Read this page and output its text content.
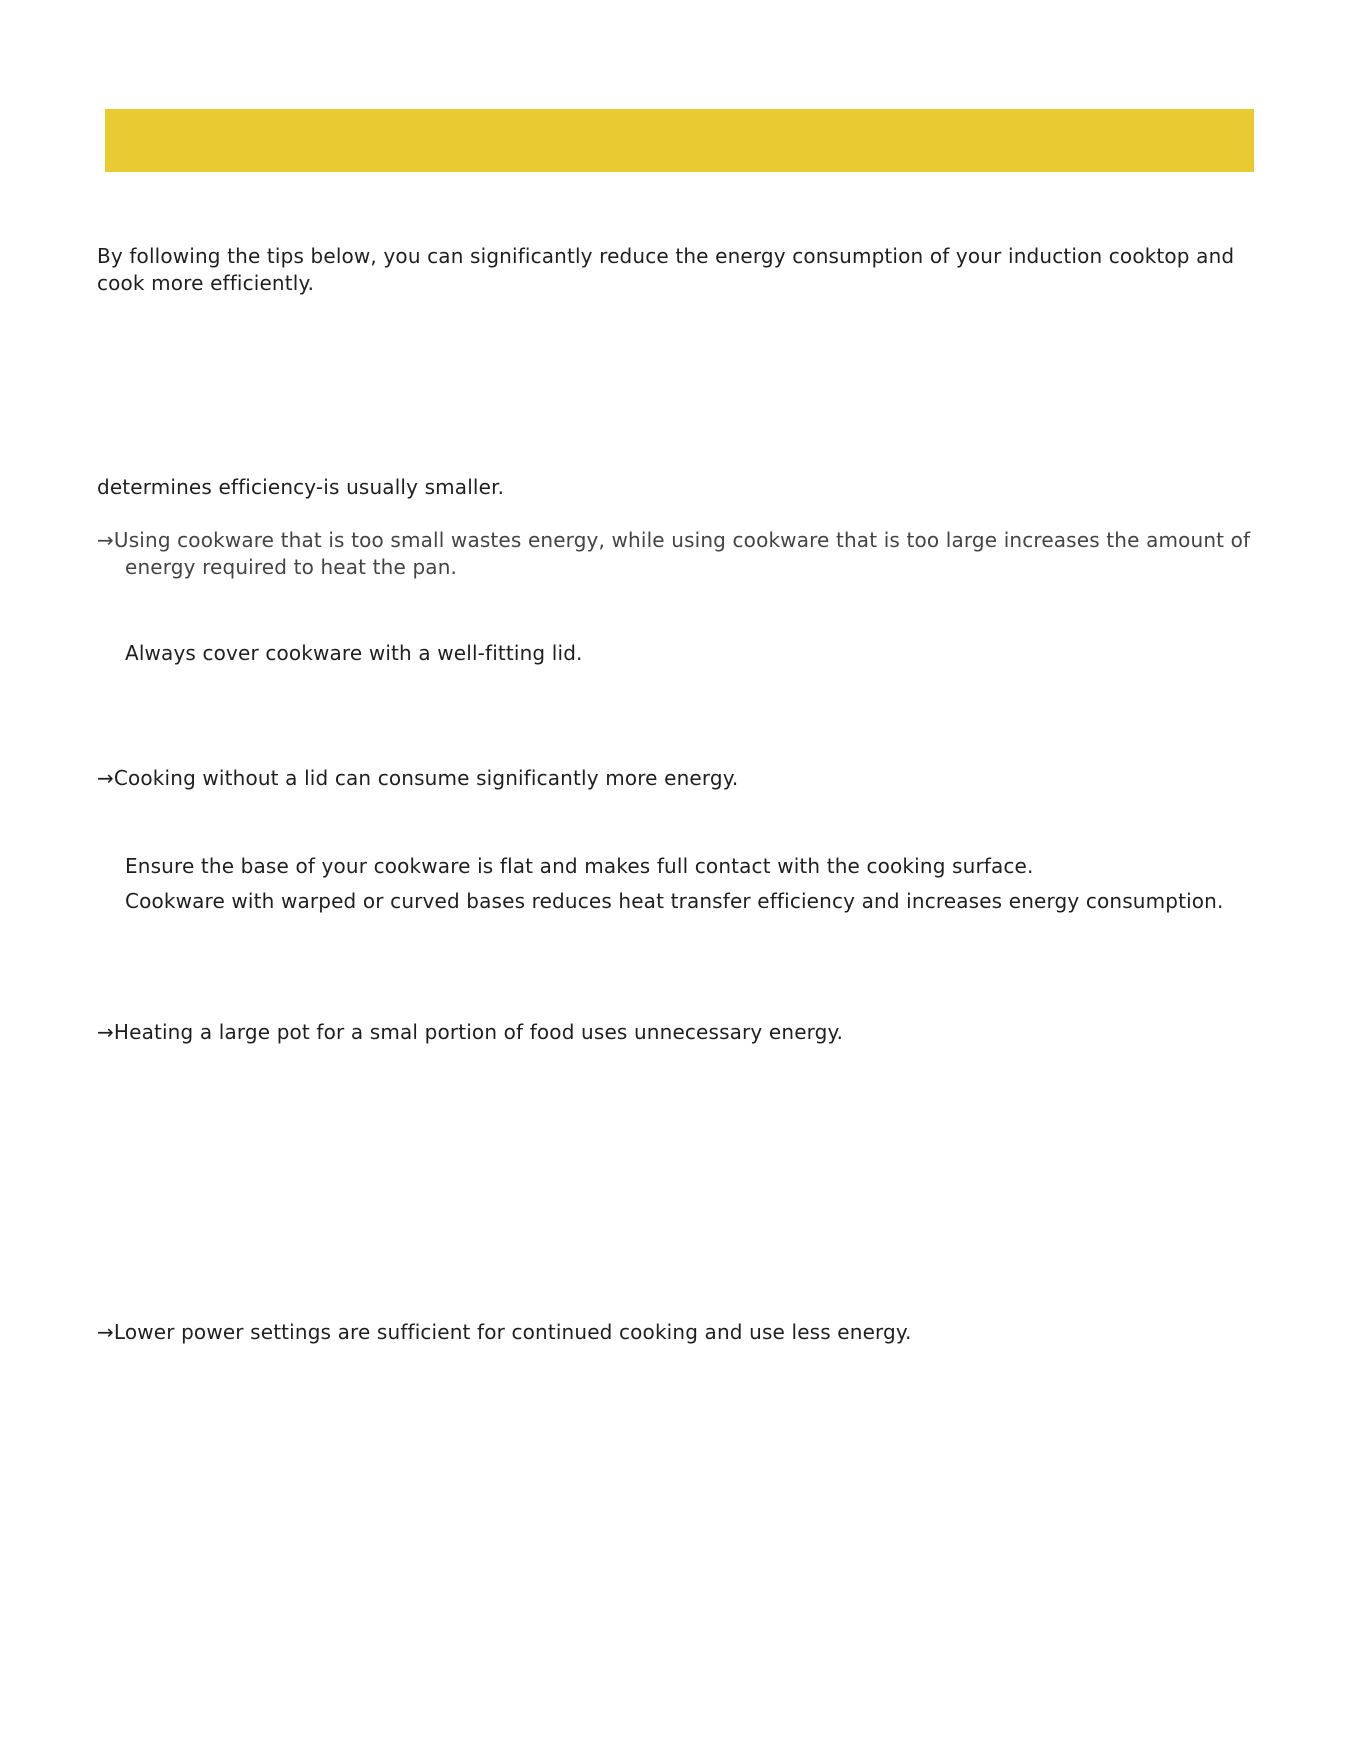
By following the tips below, you can significantly reduce the energy consumption of your induction cooktop and
cook more efficiently.
determines efficiency-is usually smaller.
→Using cookware that is too small wastes energy, while using cookware that is too large increases the amount of
energy required to heat the pan.
Always cover cookware with a well-fitting lid.
→Cooking without a lid can consume significantly more energy.
Ensure the base of your cookware is flat and makes full contact with the cooking surface.
Cookware with warped or curved bases reduces heat transfer efficiency and increases energy consumption.
→Heating a large pot for a smal portion of food uses unnecessary energy.
→Lower power settings are sufficient for continued cooking and use less energy.
